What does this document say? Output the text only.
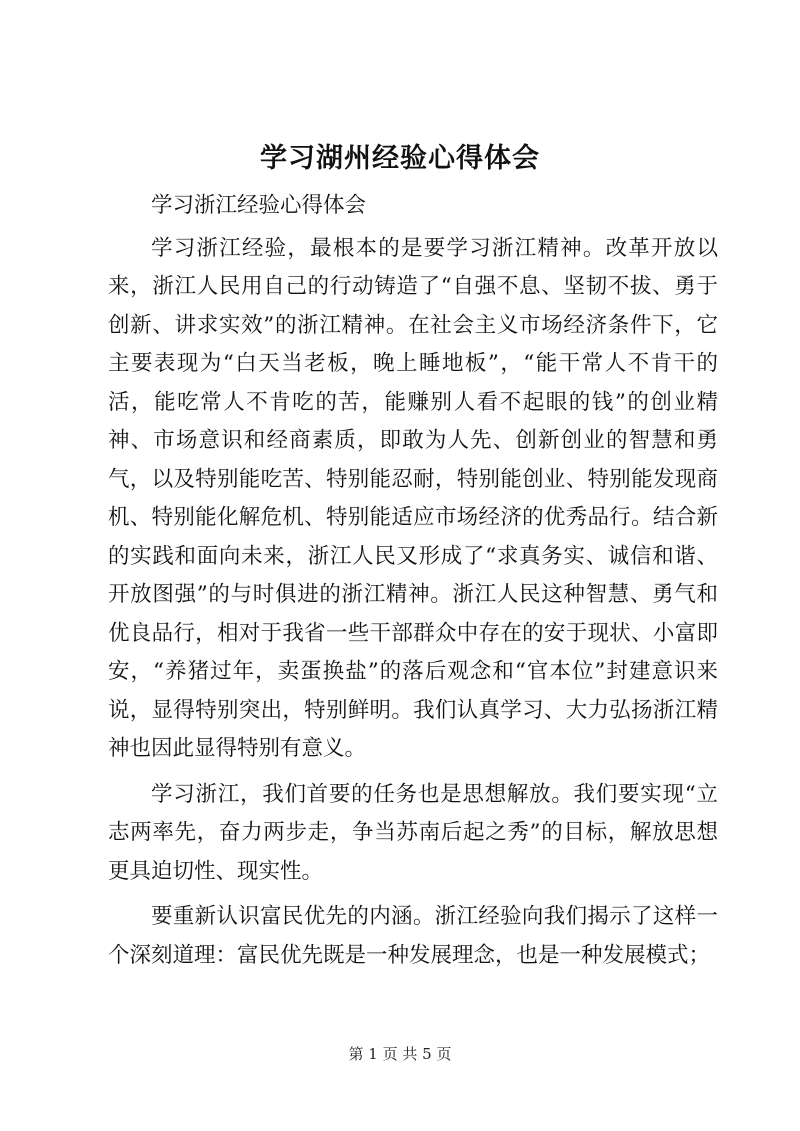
学习湖州经验心得体会

学习浙江经验心得体会

学习浙江经验，最根本的是要学习浙江精神。改革开放以来，浙江人民用自己的行动铸造了“自强不息、坚韧不拔、勇于创新、讲求实效”的浙江精神。在社会主义市场经济条件下，它主要表现为“白天当老板，晚上睡地板”，“能干常人不肯干的活，能吃常人不肯吃的苦，能赚别人看不起眼的钱”的创业精神、市场意识和经商素质，即敢为人先、创新创业的智慧和勇气，以及特别能吃苦、特别能忍耐，特别能创业、特别能发现商机、特别能化解危机、特别能适应市场经济的优秀品行。结合新的实践和面向未来，浙江人民又形成了“求真务实、诚信和谐、开放图强”的与时俱进的浙江精神。浙江人民这种智慧、勇气和优良品行，相对于我省一些干部群众中存在的安于现状、小富即安，“养猪过年，卖蛋换盐”的落后观念和“官本位”封建意识来说，显得特别突出，特别鲜明。我们认真学习、大力弘扬浙江精神也因此显得特别有意义。

学习浙江，我们首要的任务也是思想解放。我们要实现“立志两率先，奋力两步走，争当苏南后起之秀”的目标，解放思想更具迫切性、现实性。

要重新认识富民优先的内涵。浙江经验向我们揭示了这样一个深刻道理：富民优先既是一种发展理念，也是一种发展模式；

第 1 页 共 5 页
